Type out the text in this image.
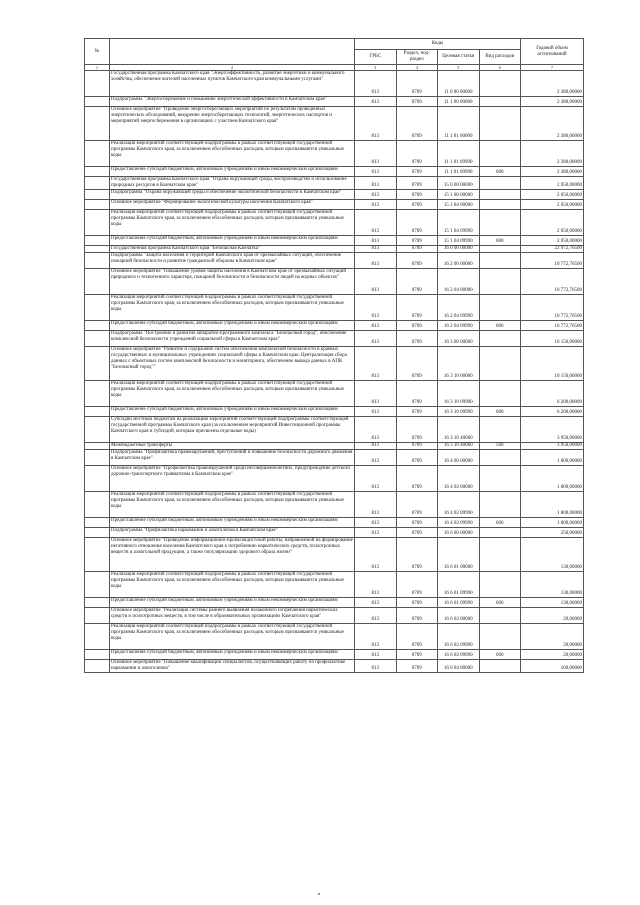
№		Коды				Годовой объем ассигнований
		ГРБС	Раздел, под-раздел	Целевая статья	Вид расходов	
1	2	3	4	5	6	7
	Государственная программа Камчатского края "Энергоэффективность, развитие энергетики и коммунального хозяйства, обеспечение жителей населенных пунктов Камчатского края коммунальными услугами"	813	0709	11 0 00 00000		2 380,00000
	Подпрограмма "Энергосбережение и повышение энергетической эффективности в Камчатском крае"	813	0709	11 1 00 00000		2 380,00000
	Основное мероприятие "Проведение энергосберегающих мероприятий по результатам проведенных энергетических обследований, внедрение энергосберегающих технологий, энергетических паспортов и мероприятий энергосбережения в организациях с участием Камчатского края"	813	0709	11 1 01 00000		2 380,00000
	Реализация мероприятий соответствующей подпрограммы в рамках соответствующей государственной программы Камчатского края, за исключением обособленных расходов, которым присваиваются уникальные коды	813	0709	11 1 01 09990		2 380,00000
	Предоставление субсидий бюджетным, автономным учреждениям и иным некоммерческим организациям	813	0709	11 1 01 09990	600	2 380,00000
	Государственная программа Камчатского края "Охрана окружающей среды, воспроизводство и использование природных ресурсов в Камчатском крае"	813	0709	15 0 00 00000		2 050,00000
	Подпрограмма "Охрана окружающей среды и обеспечение экологической безопасности в Камчатском крае"	813	0709	15 1 00 00000		2 050,00000
	Основное мероприятие "Формирование экологической культуры населения Камчатского края"	813	0709	15 1 04 00000		2 050,00000
	Реализация мероприятий соответствующей подпрограммы в рамках соответствующей государственной программы Камчатского края, за исключением обособленных расходов, которым присваиваются уникальные коды	813	0709	15 1 04 09990		2 050,00000
	Предоставление субсидий бюджетным, автономным учреждениям и иным некоммерческим организациям	813	0709	15 1 04 09990	600	2 050,00000
	Государственная программа Камчатского края "Безопасная Камчатка"	813	0709	16 0 00 00000		22 972,76500
	Подпрограмма "Защита населения и территорий Камчатского края от чрезвычайных ситуаций, обеспечение пожарной безопасности и развитие гражданской обороны в Камчатском крае"	813	0709	16 2 00 00000		10 772,76500
	Основное мероприятие "Повышение уровня защиты населения в Камчатском крае от чрезвычайных ситуаций природного и техногенного характера, пожарной безопасности и безопасности людей на водных объектах"	813	0709	16 2 04 00000		10 772,76500
	Реализация мероприятий соответствующей подпрограммы в рамках соответствующей государственной программы Камчатского края, за исключением обособленных расходов, которым присваиваются уникальные коды	813	0709	16 2 04 09990		10 772,76500
	Предоставление субсидий бюджетным, автономным учреждениям и иным некоммерческим организациям	813	0709	16 2 04 09990	600	10 772,76500
	Подпрограмма "Построение и развитие аппаратно-программного комплекса "Безопасный город", обеспечение комплексной безопасности учреждений социальной сферы в Камчатском крае"	813	0709	16 3 00 00000		10 150,00000
	Основное мероприятие "Развитие и содержание систем обеспечения комплексной безопасности в краевых государственных и муниципальных учреждениях социальной сферы в Камчатском крае. Централизация сбора данных с объектовых систем комплексной безопасности и мониторинга, обеспечение вывода данных в АПК "Безопасный город""	813	0709	16 3 10 00000		10 150,00000
	Реализация мероприятий соответствующей подпрограммы в рамках соответствующей государственной программы Камчатского края, за исключением обособленных расходов, которым присваиваются уникальные коды	813	0709	16 3 10 09990		6 200,00000
	Предоставление субсидий бюджетным, автономным учреждениям и иным некоммерческим организациям	813	0709	16 3 10 09990	600	6 200,00000
	Субсидии местным бюджетам на реализацию мероприятий соответствующей подпрограммы соответствующей государственной программы Камчатского края (за исключением мероприятий Инвестиционной программы Камчатского края и субсидий, которым присвоены отдельные коды)	813	0709	16 3 10 40060		3 950,00000
	Межбюджетные трансферты	813	0709	16 3 10 40060	500	3 950,00000
	Подпрограмма "Профилактика правонарушений, преступлений и повышение безопасности дорожного движения в Камчатском крае"	813	0709	16 4 00 00000		1 800,00000
	Основное мероприятие "Профилактика правонарушений среди несовершеннолетних, предупреждение детского дорожно-транспортного травматизма в Камчатском крае"	813	0709	16 4 02 00000		1 800,00000
	Реализация мероприятий соответствующей подпрограммы в рамках соответствующей государственной программы Камчатского края, за исключением обособленных расходов, которым присваиваются уникальные коды	813	0709	16 4 02 09990		1 800,00000
	Предоставление субсидий бюджетным, автономным учреждениям и иным некоммерческим организациям	813	0709	16 4 02 09990	600	1 800,00000
	Подпрограмма "Профилактика наркомании и алкоголизма в Камчатском крае"	813	0709	16 6 00 00000		250,00000
	Основное мероприятие "Проведение информационно-пропагандистской работы, направленной на формирование негативного отношения населения Камчатского края к потреблению наркотических средств, психотропных веществ и алкогольной продукции, а также популяризацию здорового образа жизни"	813	0709	16 6 01 00000		130,00000
	Реализация мероприятий соответствующей подпрограммы в рамках соответствующей государственной программы Камчатского края, за исключением обособленных расходов, которым присваиваются уникальные коды	813	0709	16 6 01 09990		130,00000
	Предоставление субсидий бюджетным, автономным учреждениям и иным некоммерческим организациям	813	0709	16 6 01 09990	600	130,00000
	Основное мероприятие "Реализация системы раннего выявления незаконного потребления наркотических средств и психотропных веществ, в том числе в образовательных организациях Камчатского края"	813	0709	16 6 02 00000		20,00000
	Реализация мероприятий соответствующей подпрограммы в рамках соответствующей государственной программы Камчатского края, за исключением обособленных расходов, которым присваиваются уникальные коды	813	0709	16 6 02 09990		20,00000
	Предоставление субсидий бюджетным, автономным учреждениям и иным некоммерческим организациям	813	0709	16 6 02 09990	600	20,00000
	Основное мероприятие "Повышение квалификации специалистов, осуществляющих работу по профилактике наркомании и алкоголизма"	813	0709	16 6 04 00000		100,00000
